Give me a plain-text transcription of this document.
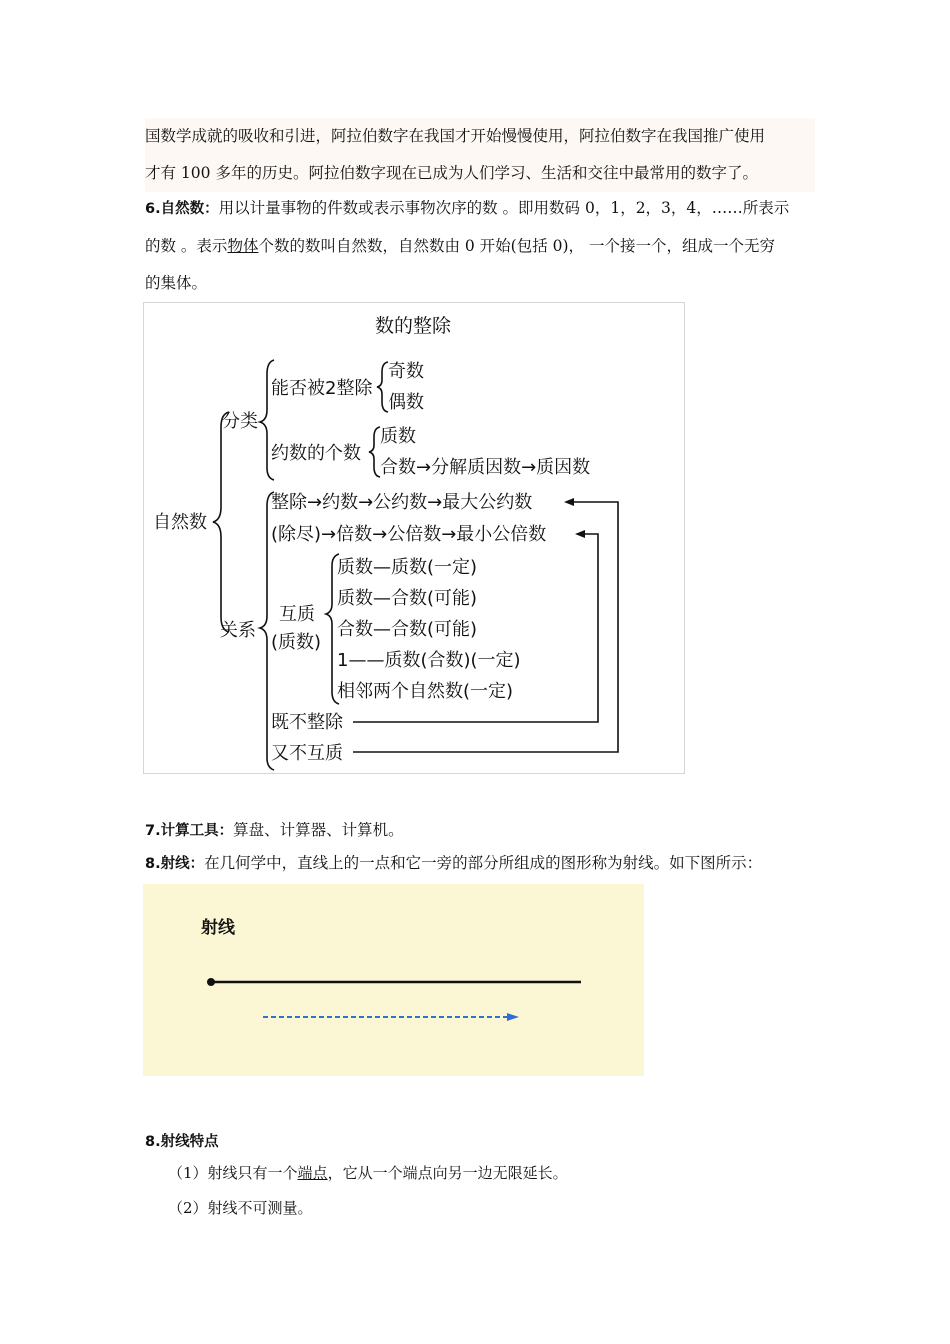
国数学成就的吸收和引进，阿拉伯数字在我国才开始慢慢使用，阿拉伯数字在我国推广使用
才有 100 多年的历史。阿拉伯数字现在已成为人们学习、生活和交往中最常用的数字了。
6.自然数：用以计量事物的件数或表示事物次序的数 。即用数码 0，1，2，3，4，……所表示
的数 。表示物体个数的数叫自然数，自然数由 0 开始(包括 0)， 一个接一个，组成一个无穷
的集体。
数的整除
自然数
分类
关系
能否被2整除
奇数
偶数
约数的个数
质数
合数→分解质因数→质因数
整除→约数→公约数→最大公约数
(除尽)→倍数→公倍数→最小公倍数
互质
(质数)
质数—质数(一定)
质数—合数(可能)
合数—合数(可能)
1——质数(合数)(一定)
相邻两个自然数(一定)
既不整除
又不互质
7.计算工具：算盘、计算器、计算机。
8.射线：在几何学中，直线上的一点和它一旁的部分所组成的图形称为射线。如下图所示：
射线
8.射线特点
（1）射线只有一个端点，它从一个端点向另一边无限延长。
（2）射线不可测量。
